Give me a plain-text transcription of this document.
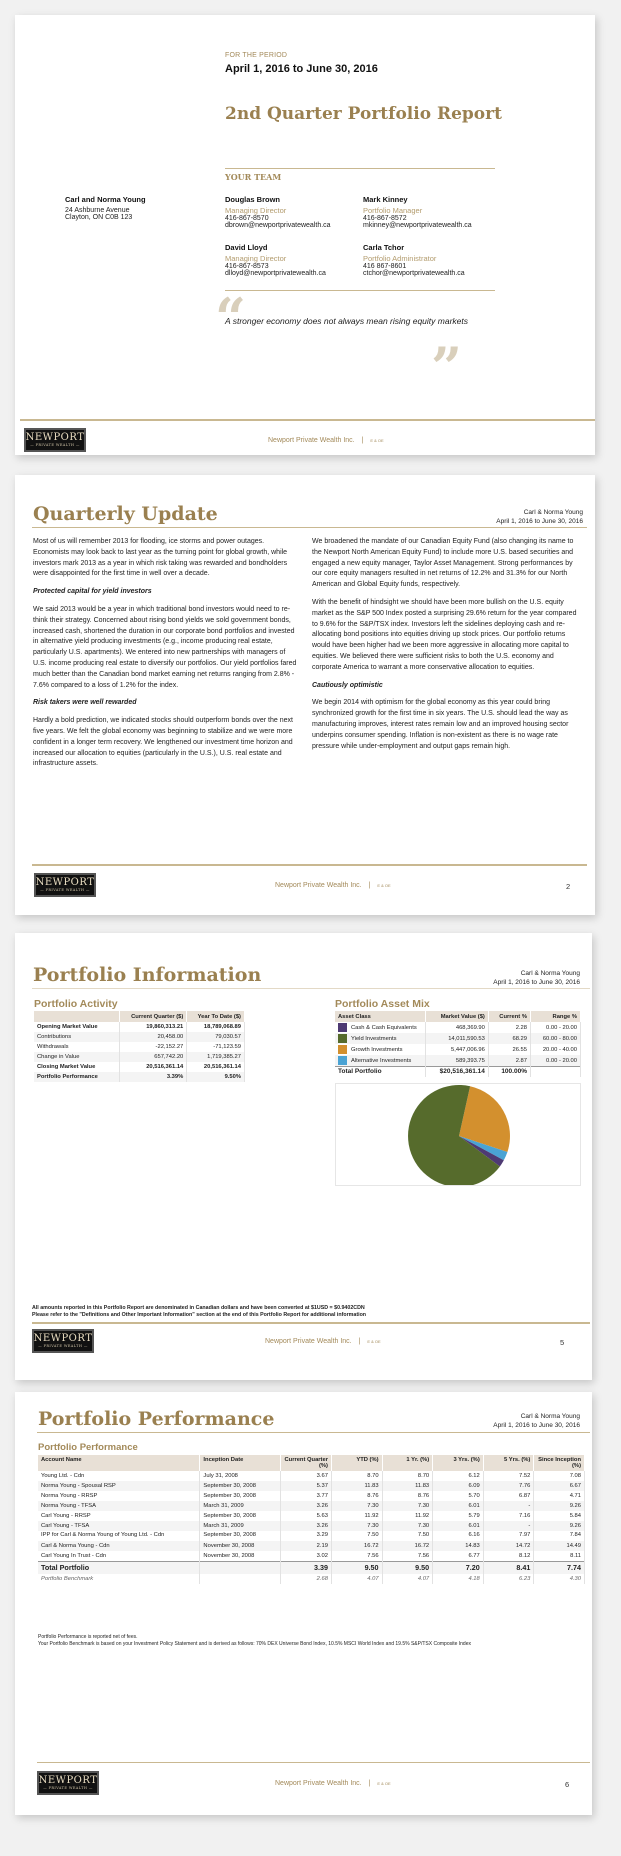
FOR THE PERIOD
April 1, 2016 to June 30, 2016
2nd Quarter Portfolio Report
YOUR TEAM
Carl and Norma Young
24 Ashburne Avenue
Clayton, ON C0B 123
Douglas Brown
Managing Director
416-867-8570
dbrown@newportprivatewealth.ca
Mark Kinney
Portfolio Manager
416-867-8572
mkinney@newportprivatewealth.ca
David Lloyd
Managing Director
416-867-8573
dlloyd@newportprivatewealth.ca
Carla Tchor
Portfolio Administrator
416 867-8601
ctchor@newportprivatewealth.ca
“
A stronger economy does not always mean rising equity markets
”
NEWPORT
— PRIVATE WEALTH —
Newport Private Wealth Inc. | E & OE
Quarterly Update	Carl & Norma Young
April 1, 2016 to June 30, 2016

Most of us will remember 2013 for flooding, ice storms and power outages. Economists may look back to last year as the turning point for global growth, while investors mark 2013 as a year in which risk taking was rewarded and bondholders were disappointed for the first time in well over a decade.

Protected capital for yield investors

We said 2013 would be a year in which traditional bond investors would need to re-think their strategy. Concerned about rising bond yields we sold government bonds, increased cash, shortened the duration in our corporate bond portfolios and invested in alternative yield producing investments (e.g., income producing real estate, particularly U.S. apartments). We entered into new partnerships with managers of U.S. income producing real estate to diversify our portfolios. Our yield portfolios fared much better than the Canadian bond market earning net returns ranging from 2.8% - 7.6% compared to a loss of 1.2% for the index.

Risk takers were well rewarded

Hardly a bold prediction, we indicated stocks should outperform bonds over the next five years. We felt the global economy was beginning to stabilize and we were more confident in a longer term recovery. We lengthened our investment time horizon and increased our allocation to equities (particularly in the U.S.), U.S. real estate and infrastructure assets.

We broadened the mandate of our Canadian Equity Fund (also changing its name to the Newport North American Equity Fund) to include more U.S. based securities and engaged a new equity manager, Taylor Asset Management. Strong performances by our core equity managers resulted in net returns of 12.2% and 31.3% for our North American and Global Equity funds, respectively.

With the benefit of hindsight we should have been more bullish on the U.S. equity market as the S&P 500 Index posted a surprising 29.6% return for the year compared to 9.6% for the S&P/TSX index. Investors left the sidelines deploying cash and re-allocating bond positions into equities driving up stock prices. Our portfolio returns would have been higher had we been more aggressive in allocating more capital to equities. We believed there were sufficient risks to both the U.S. economy and corporate America to warrant a more conservative allocation to equities.

Cautiously optimistic

We begin 2014 with optimism for the global economy as this year could bring synchronized growth for the first time in six years. The U.S. should lead the way as manufacturing improves, interest rates remain low and an improved housing sector underpins consumer spending. Inflation is non-existent as there is no wage rate pressure while under-employment and output gaps remain high.

NEWPORT
— PRIVATE WEALTH —
Newport Private Wealth Inc. | E & OE	2
Portfolio Information	Carl & Norma Young
April 1, 2016 to June 30, 2016
Portfolio Activity
	Current Quarter ($)	Year To Date ($)
Opening Market Value	19,860,313.21	18,789,068.89
Contributions	20,458.00	79,030.57
Withdrawals	-22,152.27	-71,123.59
Change in Value	657,742.20	1,719,385.27
Closing Market Value	20,516,361.14	20,516,361.14
Portfolio Performance	3.39%	9.50%
Portfolio Asset Mix
Asset Class	Market Value ($)	Current %	Range %
Cash & Cash Equivalents	468,369.90	2.28	0.00 - 20.00
Yield Investments	14,011,590.53	68.29	60.00 - 80.00
Growth Investments	5,447,006.96	26.55	20.00 - 40.00
Alternative Investments	589,393.75	2.87	0.00 - 20.00
Total Portfolio	$20,516,361.14	100.00%	
All amounts reported in this Portfolio Report are denominated in Canadian dollars and have been converted at $1USD = $0.9402CDN
Please refer to the "Definitions and Other Important Information" section at the end of this Portfolio Report for additional information
NEWPORT
— PRIVATE WEALTH —
Newport Private Wealth Inc. | E & OE	5
Portfolio Performance	Carl & Norma Young
April 1, 2016 to June 30, 2016
Portfolio Performance
Account Name	Inception Date	Current Quarter (%)	YTD (%)	1 Yr. (%)	3 Yrs. (%)	5 Yrs. (%)	Since Inception (%)
Young Ltd. - Cdn	July 31, 2008	3.67	8.70	8.70	6.12	7.52	7.08
Norma Young - Spousal RSP	September 30, 2008	5.37	11.83	11.83	6.09	7.76	6.67
Norma Young - RRSP	September 30, 2008	3.77	8.76	8.76	5.70	6.87	4.71
Norma Young - TFSA	March 31, 2009	3.26	7.30	7.30	6.01	-	9.26
Carl Young - RRSP	September 30, 2008	5.63	11.92	11.92	5.79	7.16	5.84
Carl Young - TFSA	March 31, 2009	3.26	7.30	7.30	6.01	-	9.26
IPP for Carl & Norma Young of Young Ltd. - Cdn	September 30, 2008	3.29	7.50	7.50	6.16	7.97	7.84
Carl & Norma Young - Cdn	November 30, 2008	2.19	16.72	16.72	14.83	14.72	14.49
Carl Young In Trust - Cdn	November 30, 2008	3.02	7.56	7.56	6.77	8.12	8.11
Total Portfolio		3.39	9.50	9.50	7.20	8.41	7.74
Portfolio Benchmark		2.68	4.07	4.07	4.18	6.23	4.30
Portfolio Performance is reported net of fees.
Your Portfolio Benchmark is based on your Investment Policy Statement and is derived as follows: 70% DEX Universe Bond Index, 10.5% MSCI World Index and 19.5% S&P/TSX Composite Index
NEWPORT
— PRIVATE WEALTH —
Newport Private Wealth Inc. | E & OE	6
